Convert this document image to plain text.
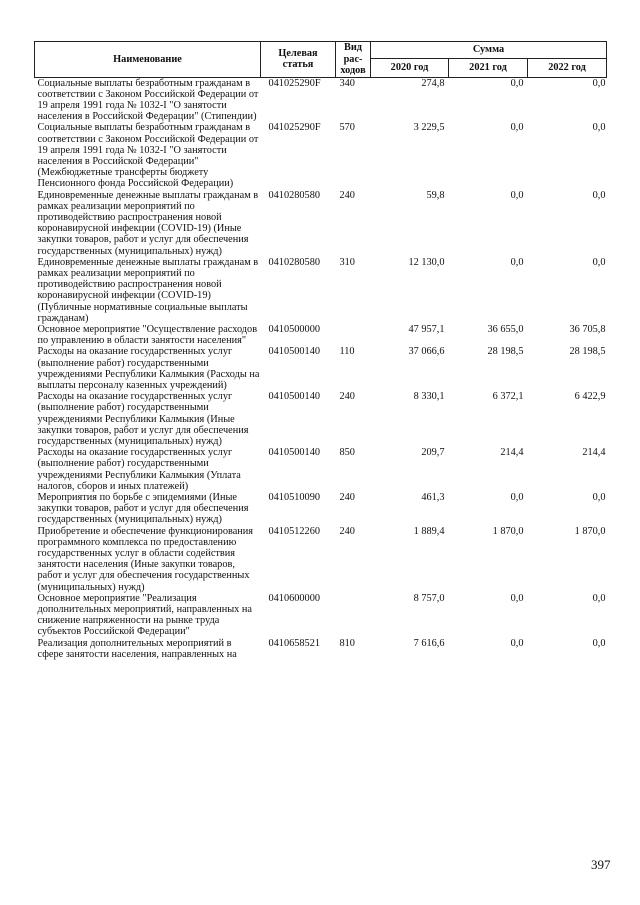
Наименование	Целевая статья	Вид рас-ходов	Сумма		
			2020 год	2021 год	2022 год
Социальные выплаты безработным гражданам в соответствии с Законом Российской Федерации от 19 апреля 1991 года № 1032-I "О занятости населения в Российской Федерации" (Стипендии)	041025290F	340	274,8	0,0	0,0
Социальные выплаты безработным гражданам в соответствии с Законом Российской Федерации от 19 апреля 1991 года № 1032-I "О занятости населения в Российской Федерации" (Межбюджетные трансферты бюджету Пенсионного фонда Российской Федерации)	041025290F	570	3 229,5	0,0	0,0
Единовременные денежные выплаты гражданам в рамках реализации мероприятий по противодействию распространения новой коронавирусной инфекции (COVID-19) (Иные закупки товаров, работ и услуг для обеспечения государственных (муниципальных) нужд)	0410280580	240	59,8	0,0	0,0
Единовременные денежные выплаты гражданам в рамках реализации мероприятий по противодействию распространения новой коронавирусной инфекции (COVID-19) (Публичные нормативные социальные выплаты гражданам)	0410280580	310	12 130,0	0,0	0,0
Основное мероприятие "Осуществление расходов по управлению в области занятости населения"	0410500000		47 957,1	36 655,0	36 705,8
Расходы на оказание государственных услуг (выполнение работ) государственными учреждениями Республики Калмыкия (Расходы на выплаты персоналу казенных учреждений)	0410500140	110	37 066,6	28 198,5	28 198,5
Расходы на оказание государственных услуг (выполнение работ) государственными учреждениями Республики Калмыкия (Иные закупки товаров, работ и услуг для обеспечения государственных (муниципальных) нужд)	0410500140	240	8 330,1	6 372,1	6 422,9
Расходы на оказание государственных услуг (выполнение работ) государственными учреждениями Республики Калмыкия (Уплата налогов, сборов и иных платежей)	0410500140	850	209,7	214,4	214,4
Мероприятия по борьбе с эпидемиями (Иные закупки товаров, работ и услуг для обеспечения государственных (муниципальных) нужд)	0410510090	240	461,3	0,0	0,0
Приобретение и обеспечение функционирования программного комплекса по предоставлению государственных услуг в области содействия занятости населения (Иные закупки товаров, работ и услуг для обеспечения государственных (муниципальных) нужд)	0410512260	240	1 889,4	1 870,0	1 870,0
Основное мероприятие "Реализация дополнительных мероприятий, направленных на снижение напряженности на рынке труда субъектов Российской Федерации"	0410600000		8 757,0	0,0	0,0
Реализация дополнительных мероприятий в сфере занятости населения, направленных на	0410658521	810	7 616,6	0,0	0,0
397
